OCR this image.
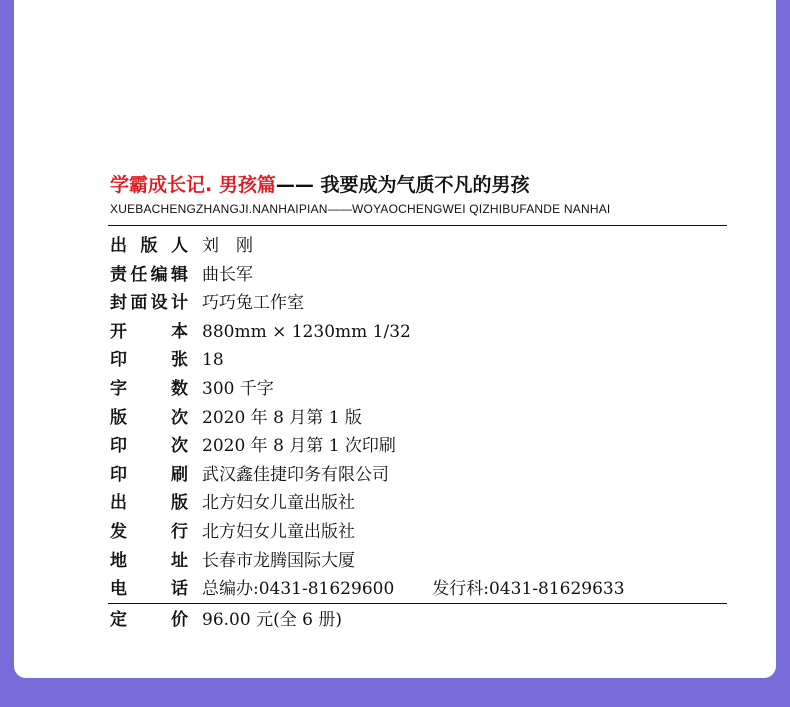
学霸成长记. 男孩篇—— 我要成为气质不凡的男孩
XUEBACHENGZHANGJI.NANHAIPIAN——WOYAOCHENGWEI QIZHIBUFANDE NANHAI
出版人 刘　刚
责任编辑 曲长军
封面设计 巧巧兔工作室
开本 880mm × 1230mm 1/32
印张 18
字数 300 千字
版次 2020 年 8 月第 1 版
印次 2020 年 8 月第 1 次印刷
印刷 武汉鑫佳捷印务有限公司
出版 北方妇女儿童出版社
发行 北方妇女儿童出版社
地址 长春市龙腾国际大厦
电话 总编办:0431-81629600 发行科:0431-81629633
定价 96.00 元(全 6 册)
